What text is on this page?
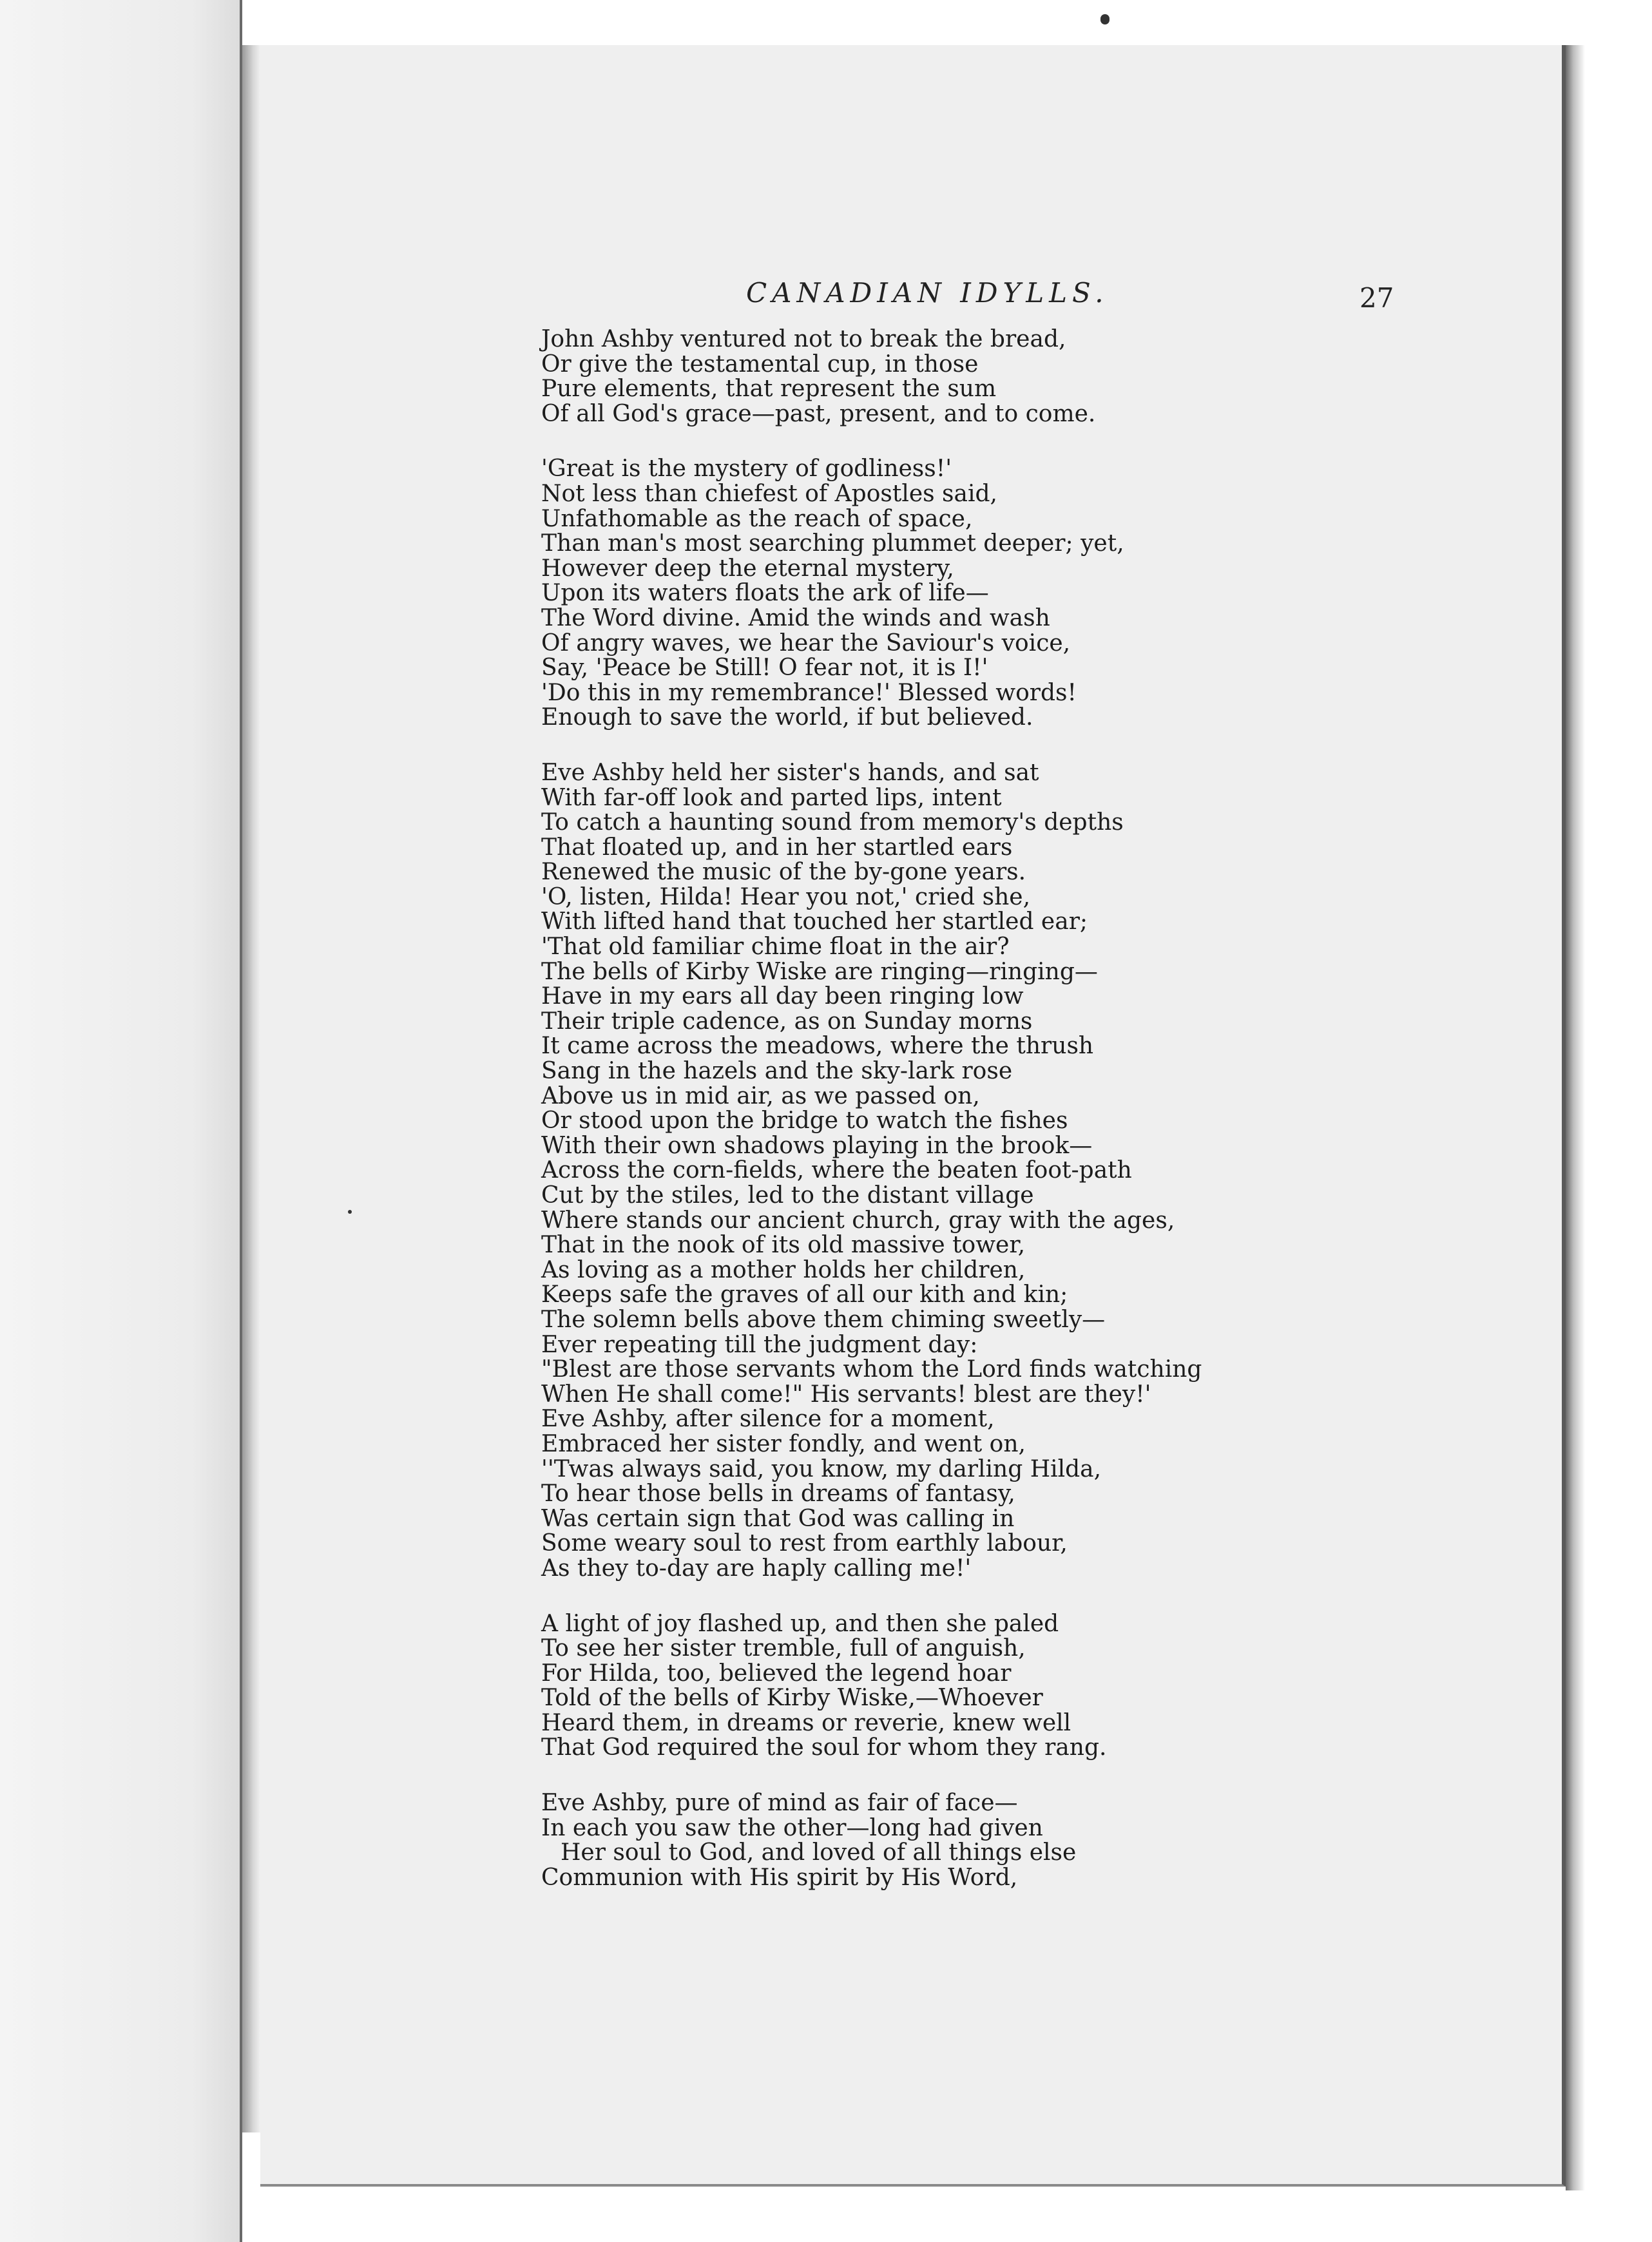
CANADIAN IDYLLS.	27
John Ashby ventured not to break the bread,
Or give the testamental cup, in those
Pure elements, that represent the sum
Of all God's grace—past, present, and to come.
'Great is the mystery of godliness!'
Not less than chiefest of Apostles said,
Unfathomable as the reach of space,
Than man's most searching plummet deeper; yet,
However deep the eternal mystery,
Upon its waters floats the ark of life—
The Word divine. Amid the winds and wash
Of angry waves, we hear the Saviour's voice,
Say, 'Peace be Still! O fear not, it is I!'
'Do this in my remembrance!' Blessed words!
Enough to save the world, if but believed.
Eve Ashby held her sister's hands, and sat
With far-off look and parted lips, intent
To catch a haunting sound from memory's depths
That floated up, and in her startled ears
Renewed the music of the by-gone years.
'O, listen, Hilda! Hear you not,' cried she,
With lifted hand that touched her startled ear;
'That old familiar chime float in the air?
The bells of Kirby Wiske are ringing—ringing—
Have in my ears all day been ringing low
Their triple cadence, as on Sunday morns
It came across the meadows, where the thrush
Sang in the hazels and the sky-lark rose
Above us in mid air, as we passed on,
Or stood upon the bridge to watch the fishes
With their own shadows playing in the brook—
Across the corn-fields, where the beaten foot-path
Cut by the stiles, led to the distant village
Where stands our ancient church, gray with the ages,
That in the nook of its old massive tower,
As loving as a mother holds her children,
Keeps safe the graves of all our kith and kin;
The solemn bells above them chiming sweetly—
Ever repeating till the judgment day:
"Blest are those servants whom the Lord finds watching
When He shall come!" His servants! blest are they!'
Eve Ashby, after silence for a moment,
Embraced her sister fondly, and went on,
''Twas always said, you know, my darling Hilda,
To hear those bells in dreams of fantasy,
Was certain sign that God was calling in
Some weary soul to rest from earthly labour,
As they to-day are haply calling me!'
A light of joy flashed up, and then she paled
To see her sister tremble, full of anguish,
For Hilda, too, believed the legend hoar
Told of the bells of Kirby Wiske,—Whoever
Heard them, in dreams or reverie, knew well
That God required the soul for whom they rang.
Eve Ashby, pure of mind as fair of face—
In each you saw the other—long had given
Her soul to God, and loved of all things else
Communion with His spirit by His Word,
